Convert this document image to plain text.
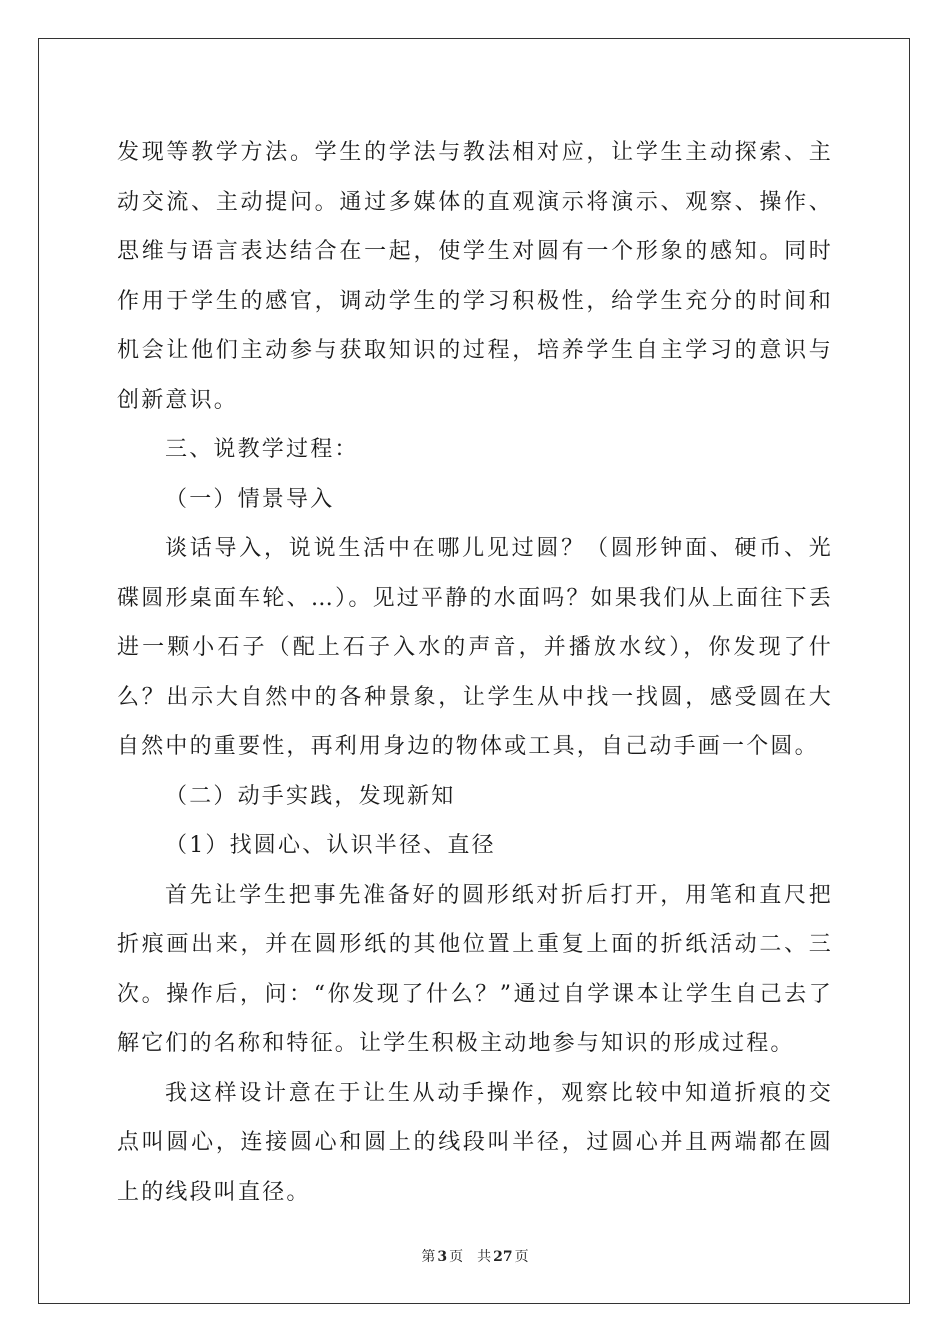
发现等教学方法。学生的学法与教法相对应，让学生主动探索、主动交流、主动提问。通过多媒体的直观演示将演示、观察、操作、思维与语言表达结合在一起，使学生对圆有一个形象的感知。同时作用于学生的感官，调动学生的学习积极性，给学生充分的时间和机会让他们主动参与获取知识的过程，培养学生自主学习的意识与创新意识。

三、说教学过程：

（一）情景导入

谈话导入，说说生活中在哪儿见过圆？（圆形钟面、硬币、光碟圆形桌面车轮、…）。见过平静的水面吗？如果我们从上面往下丢进一颗小石子（配上石子入水的声音，并播放水纹），你发现了什么？出示大自然中的各种景象，让学生从中找一找圆，感受圆在大自然中的重要性，再利用身边的物体或工具，自己动手画一个圆。

（二）动手实践，发现新知

（1）找圆心、认识半径、直径

首先让学生把事先准备好的圆形纸对折后打开，用笔和直尺把折痕画出来，并在圆形纸的其他位置上重复上面的折纸活动二、三次。操作后，问：“你发现了什么？”通过自学课本让学生自己去了解它们的名称和特征。让学生积极主动地参与知识的形成过程。

我这样设计意在于让生从动手操作，观察比较中知道折痕的交点叫圆心，连接圆心和圆上的线段叫半径，过圆心并且两端都在圆上的线段叫直径。

第 3 页 共 27 页
